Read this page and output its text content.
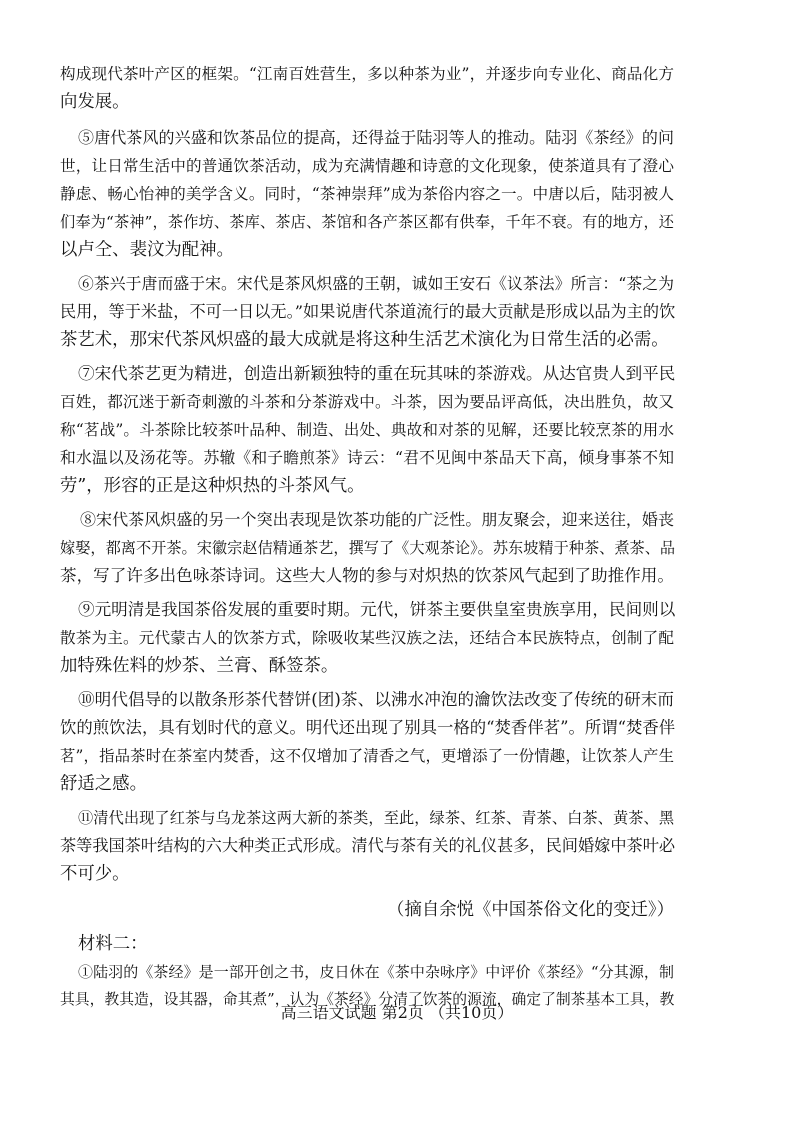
构成现代茶叶产区的框架。“江南百姓营生，多以种茶为业”，并逐步向专业化、商品化方
向发展。
⑤唐代茶风的兴盛和饮茶品位的提高，还得益于陆羽等人的推动。陆羽《茶经》的问
世，让日常生活中的普通饮茶活动，成为充满情趣和诗意的文化现象，使茶道具有了澄心
静虑、畅心怡神的美学含义。同时，“茶神崇拜”成为茶俗内容之一。中唐以后，陆羽被人
们奉为“茶神”，茶作坊、茶库、茶店、茶馆和各产茶区都有供奉，千年不衰。有的地方，还
以卢仝、裴汶为配神。
⑥茶兴于唐而盛于宋。宋代是茶风炽盛的王朝，诚如王安石《议茶法》所言：“茶之为
民用，等于米盐，不可一日以无。”如果说唐代茶道流行的最大贡献是形成以品为主的饮
茶艺术，那宋代茶风炽盛的最大成就是将这种生活艺术演化为日常生活的必需。
⑦宋代茶艺更为精进，创造出新颖独特的重在玩其味的茶游戏。从达官贵人到平民
百姓，都沉迷于新奇刺激的斗茶和分茶游戏中。斗茶，因为要品评高低，决出胜负，故又
称“茗战”。斗茶除比较茶叶品种、制造、出处、典故和对茶的见解，还要比较烹茶的用水
和水温以及汤花等。苏辙《和子瞻煎茶》诗云：“君不见闽中茶品天下高，倾身事茶不知
劳”，形容的正是这种炽热的斗茶风气。
⑧宋代茶风炽盛的另一个突出表现是饮茶功能的广泛性。朋友聚会，迎来送往，婚丧
嫁娶，都离不开茶。宋徽宗赵佶精通茶艺，撰写了《大观茶论》。苏东坡精于种茶、煮茶、品
茶，写了许多出色咏茶诗词。这些大人物的参与对炽热的饮茶风气起到了助推作用。
⑨元明清是我国茶俗发展的重要时期。元代，饼茶主要供皇室贵族享用，民间则以
散茶为主。元代蒙古人的饮茶方式，除吸收某些汉族之法，还结合本民族特点，创制了配
加特殊佐料的炒茶、兰膏、酥签茶。
⑩明代倡导的以散条形茶代替饼(团)茶、以沸水冲泡的瀹饮法改变了传统的研末而
饮的煎饮法，具有划时代的意义。明代还出现了别具一格的“焚香伴茗”。所谓“焚香伴
茗”，指品茶时在茶室内焚香，这不仅增加了清香之气，更增添了一份情趣，让饮茶人产生
舒适之感。
⑪清代出现了红茶与乌龙茶这两大新的茶类，至此，绿茶、红茶、青茶、白茶、黄茶、黑
茶等我国茶叶结构的六大种类正式形成。清代与茶有关的礼仪甚多，民间婚嫁中茶叶必
不可少。
（摘自余悦《中国茶俗文化的变迁》）
材料二：
①陆羽的《茶经》是一部开创之书，皮日休在《茶中杂咏序》中评价《茶经》“分其源，制
其具，教其造，设其器，命其煮”，认为《茶经》分清了饮茶的源流，确定了制茶基本工具，教
高三语文试题 第2页 （共10页）
